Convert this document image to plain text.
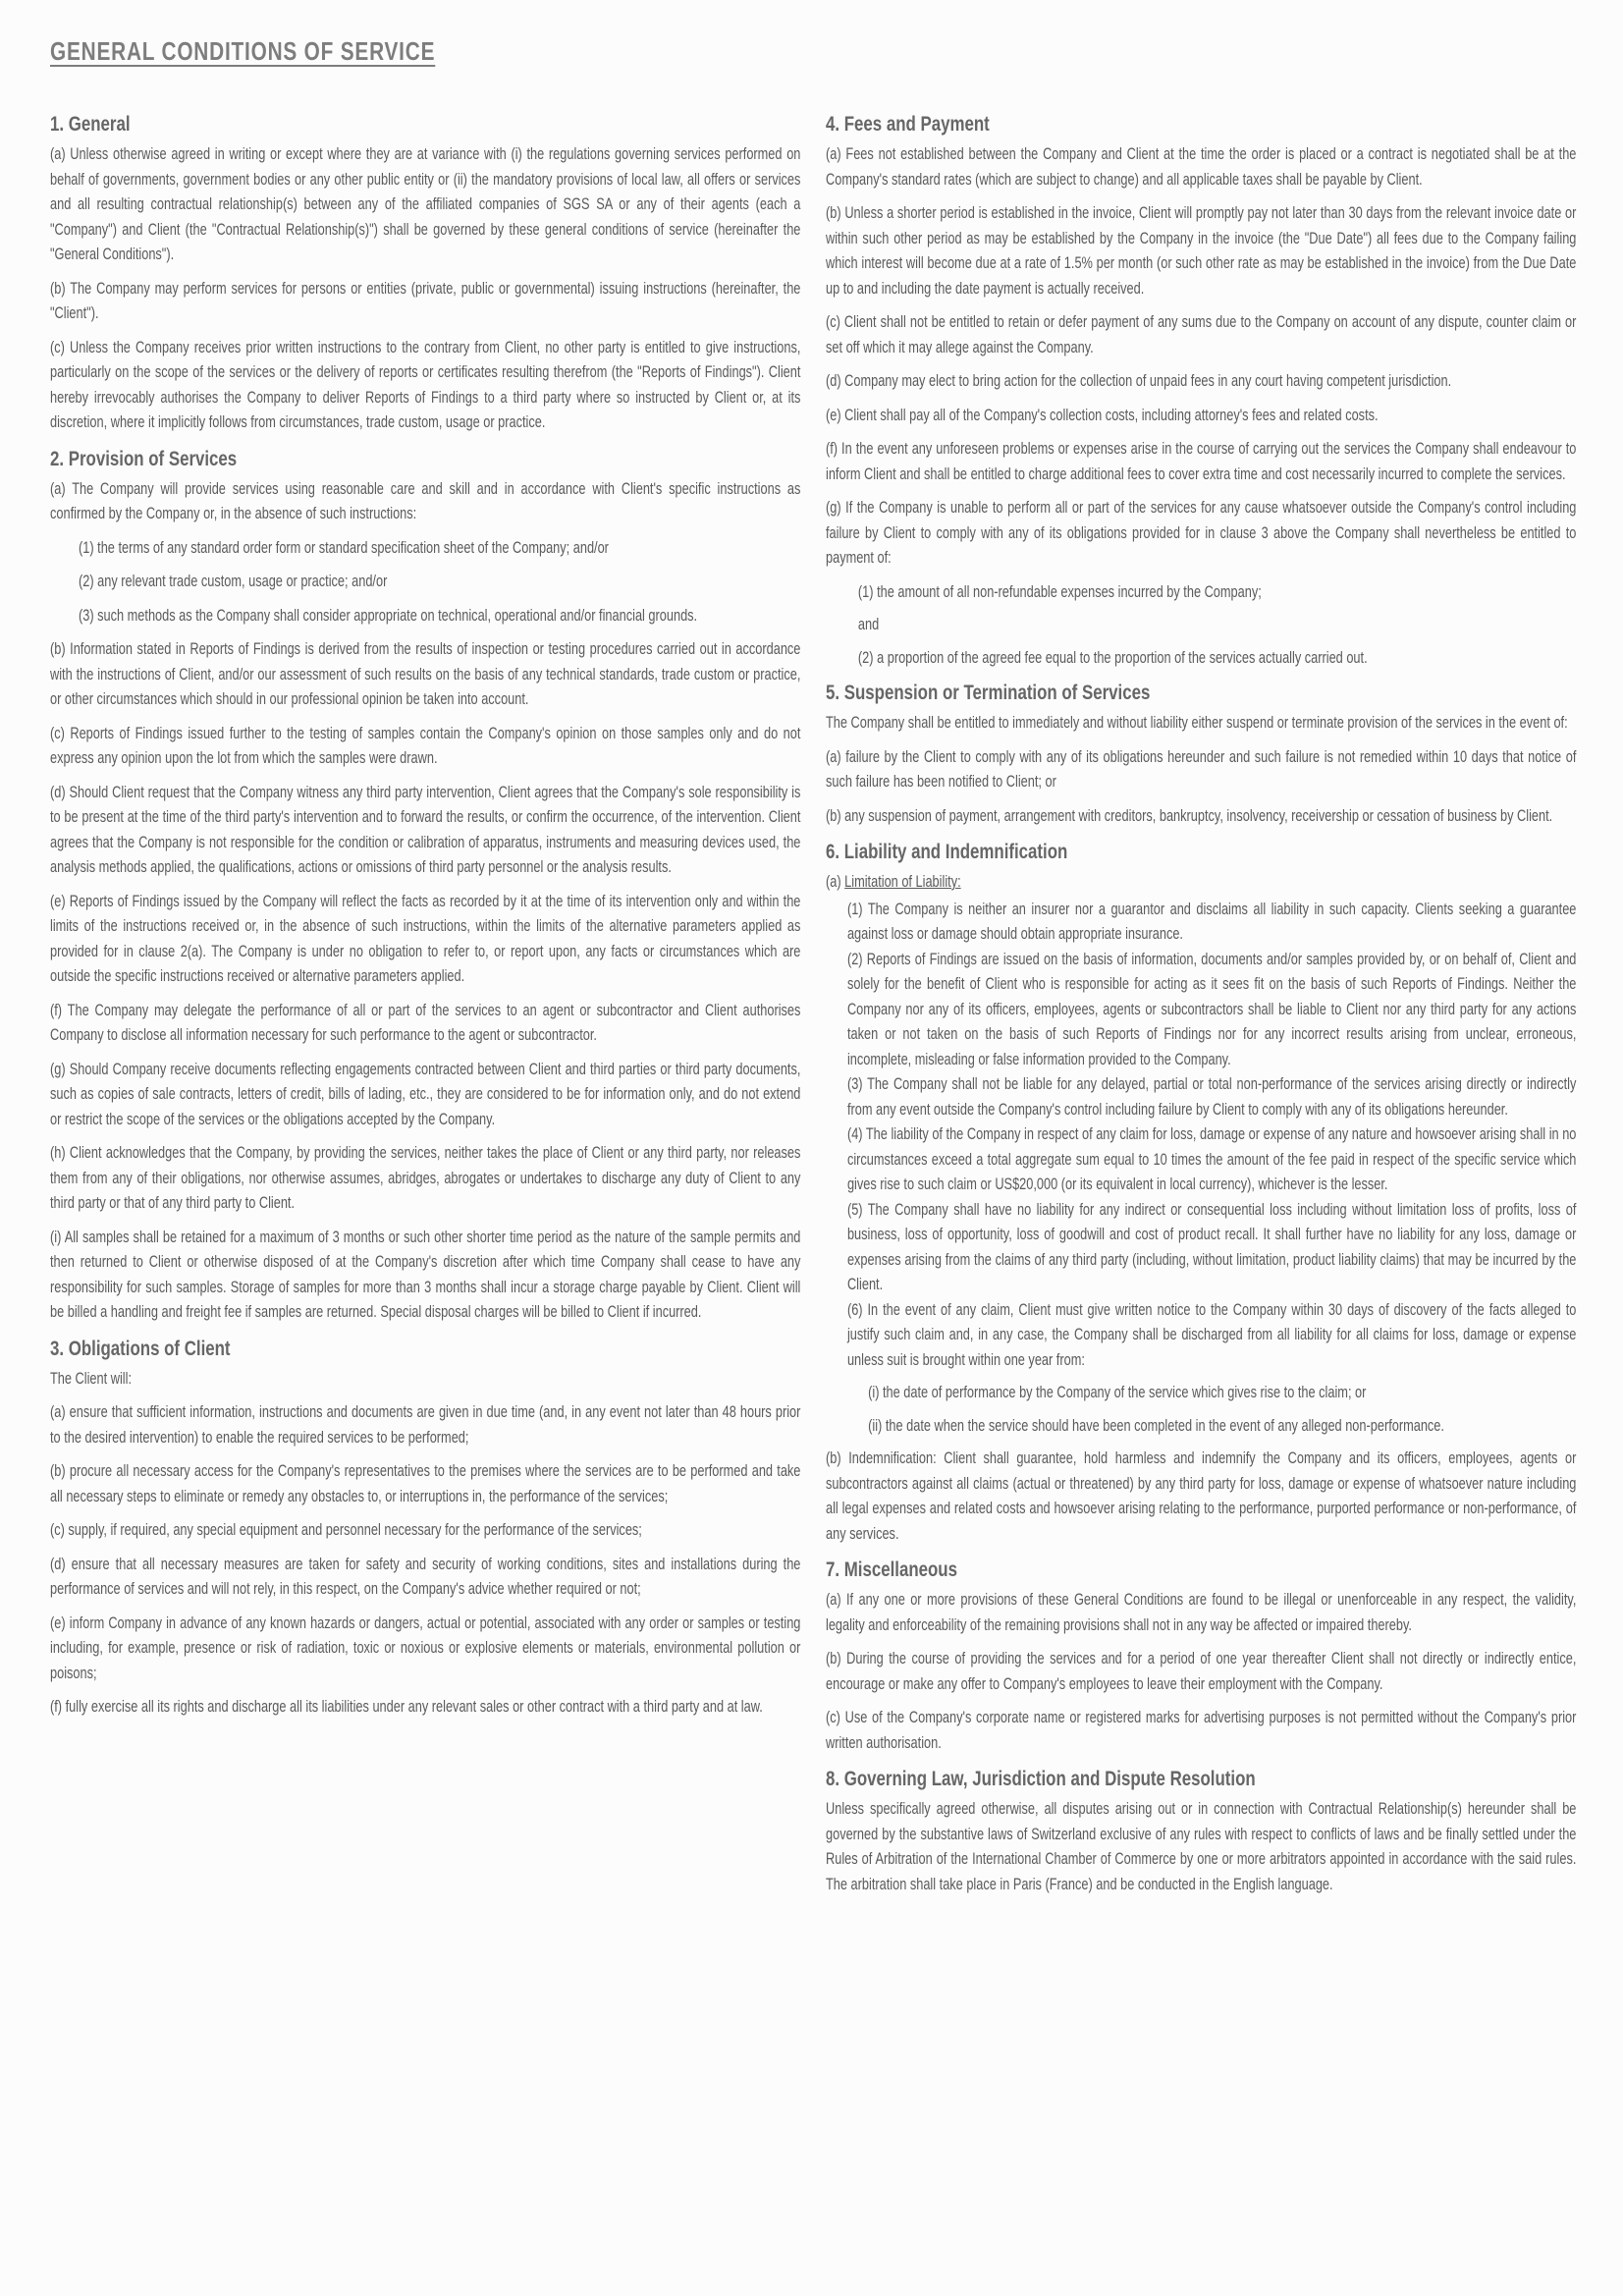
GENERAL CONDITIONS OF SERVICE
1. General

(a) Unless otherwise agreed in writing or except where they are at variance with (i) the regulations governing services performed on behalf of governments, government bodies or any other public entity or (ii) the mandatory provisions of local law, all offers or services and all resulting contractual relationship(s) between any of the affiliated companies of SGS SA or any of their agents (each a "Company") and Client (the "Contractual Relationship(s)") shall be governed by these general conditions of service (hereinafter the "General Conditions").

(b) The Company may perform services for persons or entities (private, public or governmental) issuing instructions (hereinafter, the "Client").

(c) Unless the Company receives prior written instructions to the contrary from Client, no other party is entitled to give instructions, particularly on the scope of the services or the delivery of reports or certificates resulting therefrom (the "Reports of Findings"). Client hereby irrevocably authorises the Company to deliver Reports of Findings to a third party where so instructed by Client or, at its discretion, where it implicitly follows from circumstances, trade custom, usage or practice.

2. Provision of Services

(a) The Company will provide services using reasonable care and skill and in accordance with Client's specific instructions as confirmed by the Company or, in the absence of such instructions:

(1) the terms of any standard order form or standard specification sheet of the Company; and/or

(2) any relevant trade custom, usage or practice; and/or

(3) such methods as the Company shall consider appropriate on technical, operational and/or financial grounds.

(b) Information stated in Reports of Findings is derived from the results of inspection or testing procedures carried out in accordance with the instructions of Client, and/or our assessment of such results on the basis of any technical standards, trade custom or practice, or other circumstances which should in our professional opinion be taken into account.

(c) Reports of Findings issued further to the testing of samples contain the Company's opinion on those samples only and do not express any opinion upon the lot from which the samples were drawn.

(d) Should Client request that the Company witness any third party intervention, Client agrees that the Company's sole responsibility is to be present at the time of the third party's intervention and to forward the results, or confirm the occurrence, of the intervention. Client agrees that the Company is not responsible for the condition or calibration of apparatus, instruments and measuring devices used, the analysis methods applied, the qualifications, actions or omissions of third party personnel or the analysis results.

(e) Reports of Findings issued by the Company will reflect the facts as recorded by it at the time of its intervention only and within the limits of the instructions received or, in the absence of such instructions, within the limits of the alternative parameters applied as provided for in clause 2(a). The Company is under no obligation to refer to, or report upon, any facts or circumstances which are outside the specific instructions received or alternative parameters applied.

(f) The Company may delegate the performance of all or part of the services to an agent or subcontractor and Client authorises Company to disclose all information necessary for such performance to the agent or subcontractor.

(g) Should Company receive documents reflecting engagements contracted between Client and third parties or third party documents, such as copies of sale contracts, letters of credit, bills of lading, etc., they are considered to be for information only, and do not extend or restrict the scope of the services or the obligations accepted by the Company.

(h) Client acknowledges that the Company, by providing the services, neither takes the place of Client or any third party, nor releases them from any of their obligations, nor otherwise assumes, abridges, abrogates or undertakes to discharge any duty of Client to any third party or that of any third party to Client.

(i) All samples shall be retained for a maximum of 3 months or such other shorter time period as the nature of the sample permits and then returned to Client or otherwise disposed of at the Company's discretion after which time Company shall cease to have any responsibility for such samples. Storage of samples for more than 3 months shall incur a storage charge payable by Client. Client will be billed a handling and freight fee if samples are returned. Special disposal charges will be billed to Client if incurred.

3. Obligations of Client

The Client will:

(a) ensure that sufficient information, instructions and documents are given in due time (and, in any event not later than 48 hours prior to the desired intervention) to enable the required services to be performed;

(b) procure all necessary access for the Company's representatives to the premises where the services are to be performed and take all necessary steps to eliminate or remedy any obstacles to, or interruptions in, the performance of the services;

(c) supply, if required, any special equipment and personnel necessary for the performance of the services;

(d) ensure that all necessary measures are taken for safety and security of working conditions, sites and installations during the performance of services and will not rely, in this respect, on the Company's advice whether required or not;

(e) inform Company in advance of any known hazards or dangers, actual or potential, associated with any order or samples or testing including, for example, presence or risk of radiation, toxic or noxious or explosive elements or materials, environmental pollution or poisons;

(f) fully exercise all its rights and discharge all its liabilities under any relevant sales or other contract with a third party and at law.

4. Fees and Payment

(a) Fees not established between the Company and Client at the time the order is placed or a contract is negotiated shall be at the Company's standard rates (which are subject to change) and all applicable taxes shall be payable by Client.

(b) Unless a shorter period is established in the invoice, Client will promptly pay not later than 30 days from the relevant invoice date or within such other period as may be established by the Company in the invoice (the "Due Date") all fees due to the Company failing which interest will become due at a rate of 1.5% per month (or such other rate as may be established in the invoice) from the Due Date up to and including the date payment is actually received.

(c) Client shall not be entitled to retain or defer payment of any sums due to the Company on account of any dispute, counter claim or set off which it may allege against the Company.

(d) Company may elect to bring action for the collection of unpaid fees in any court having competent jurisdiction.

(e) Client shall pay all of the Company's collection costs, including attorney's fees and related costs.

(f) In the event any unforeseen problems or expenses arise in the course of carrying out the services the Company shall endeavour to inform Client and shall be entitled to charge additional fees to cover extra time and cost necessarily incurred to complete the services.

(g) If the Company is unable to perform all or part of the services for any cause whatsoever outside the Company's control including failure by Client to comply with any of its obligations provided for in clause 3 above the Company shall nevertheless be entitled to payment of:

(1) the amount of all non-refundable expenses incurred by the Company;

and

(2) a proportion of the agreed fee equal to the proportion of the services actually carried out.

5. Suspension or Termination of Services

The Company shall be entitled to immediately and without liability either suspend or terminate provision of the services in the event of:

(a) failure by the Client to comply with any of its obligations hereunder and such failure is not remedied within 10 days that notice of such failure has been notified to Client; or

(b) any suspension of payment, arrangement with creditors, bankruptcy, insolvency, receivership or cessation of business by Client.

6. Liability and Indemnification

(a) Limitation of Liability:

(1) The Company is neither an insurer nor a guarantor and disclaims all liability in such capacity. Clients seeking a guarantee against loss or damage should obtain appropriate insurance.

(2) Reports of Findings are issued on the basis of information, documents and/or samples provided by, or on behalf of, Client and solely for the benefit of Client who is responsible for acting as it sees fit on the basis of such Reports of Findings. Neither the Company nor any of its officers, employees, agents or subcontractors shall be liable to Client nor any third party for any actions taken or not taken on the basis of such Reports of Findings nor for any incorrect results arising from unclear, erroneous, incomplete, misleading or false information provided to the Company.

(3) The Company shall not be liable for any delayed, partial or total non-performance of the services arising directly or indirectly from any event outside the Company's control including failure by Client to comply with any of its obligations hereunder.

(4) The liability of the Company in respect of any claim for loss, damage or expense of any nature and howsoever arising shall in no circumstances exceed a total aggregate sum equal to 10 times the amount of the fee paid in respect of the specific service which gives rise to such claim or US$20,000 (or its equivalent in local currency), whichever is the lesser.

(5) The Company shall have no liability for any indirect or consequential loss including without limitation loss of profits, loss of business, loss of opportunity, loss of goodwill and cost of product recall. It shall further have no liability for any loss, damage or expenses arising from the claims of any third party (including, without limitation, product liability claims) that may be incurred by the Client.

(6) In the event of any claim, Client must give written notice to the Company within 30 days of discovery of the facts alleged to justify such claim and, in any case, the Company shall be discharged from all liability for all claims for loss, damage or expense unless suit is brought within one year from:

(i) the date of performance by the Company of the service which gives rise to the claim; or

(ii) the date when the service should have been completed in the event of any alleged non-performance.

(b) Indemnification: Client shall guarantee, hold harmless and indemnify the Company and its officers, employees, agents or subcontractors against all claims (actual or threatened) by any third party for loss, damage or expense of whatsoever nature including all legal expenses and related costs and howsoever arising relating to the performance, purported performance or non-performance, of any services.

7. Miscellaneous

(a) If any one or more provisions of these General Conditions are found to be illegal or unenforceable in any respect, the validity, legality and enforceability of the remaining provisions shall not in any way be affected or impaired thereby.

(b) During the course of providing the services and for a period of one year thereafter Client shall not directly or indirectly entice, encourage or make any offer to Company's employees to leave their employment with the Company.

(c) Use of the Company's corporate name or registered marks for advertising purposes is not permitted without the Company's prior written authorisation.

8. Governing Law, Jurisdiction and Dispute Resolution

Unless specifically agreed otherwise, all disputes arising out or in connection with Contractual Relationship(s) hereunder shall be governed by the substantive laws of Switzerland exclusive of any rules with respect to conflicts of laws and be finally settled under the Rules of Arbitration of the International Chamber of Commerce by one or more arbitrators appointed in accordance with the said rules. The arbitration shall take place in Paris (France) and be conducted in the English language.
